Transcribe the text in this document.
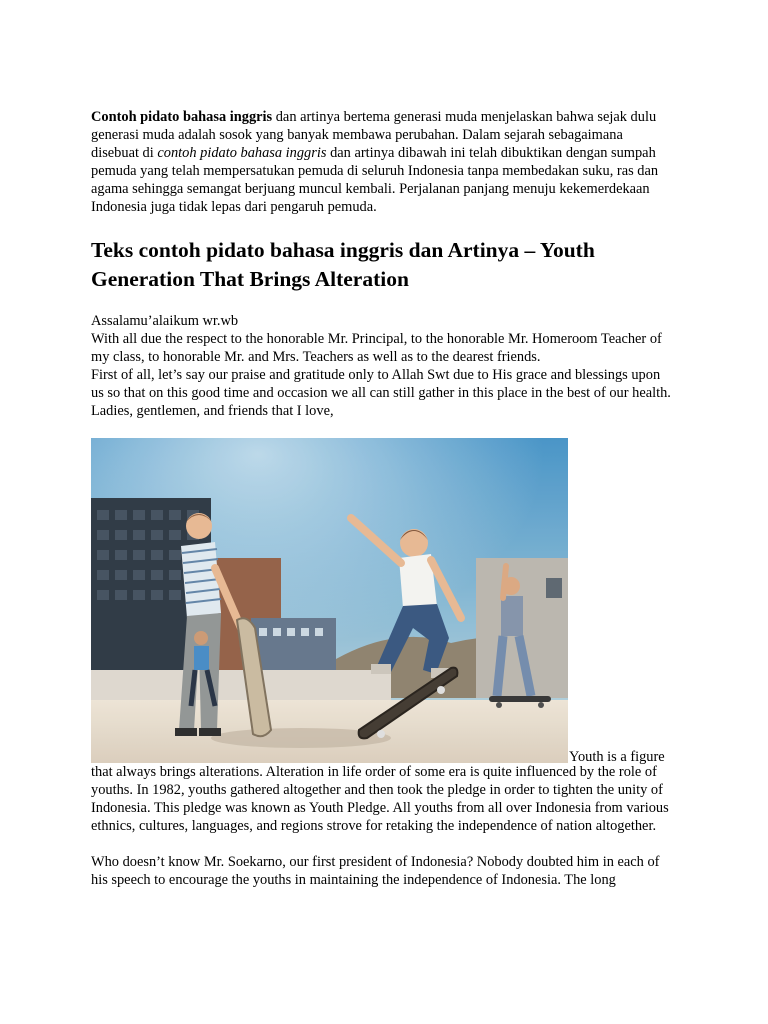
Contoh pidato bahasa inggris dan artinya bertema generasi muda menjelaskan bahwa sejak dulu generasi muda adalah sosok yang banyak membawa perubahan. Dalam sejarah sebagaimana disebuat di contoh pidato bahasa inggris dan artinya dibawah ini telah dibuktikan dengan sumpah pemuda yang telah mempersatukan pemuda di seluruh Indonesia tanpa membedakan suku, ras dan agama sehingga semangat berjuang muncul kembali. Perjalanan panjang menuju kekemerdekaan Indonesia juga tidak lepas dari pengaruh pemuda.

Teks contoh pidato bahasa inggris dan Artinya – Youth Generation That Brings Alteration

Assalamu’alaikum wr.wb

With all due the respect to the honorable Mr. Principal, to the honorable Mr. Homeroom Teacher of my class, to honorable Mr. and Mrs. Teachers as well as to the dearest friends.

First of all, let’s say our praise and gratitude only to Allah Swt due to His grace and blessings upon us so that on this good time and occasion we all can still gather in this place in the best of our health.

Ladies, gentlemen, and friends that I love,

Youth is a figure

that always brings alterations. Alteration in life order of some era is quite influenced by the role of youths. In 1982, youths gathered altogether and then took the pledge in order to tighten the unity of Indonesia. This pledge was known as Youth Pledge. All youths from all over Indonesia from various ethnics, cultures, languages, and regions strove for retaking the independence of nation altogether.

Who doesn’t know Mr. Soekarno, our first president of Indonesia? Nobody doubted him in each of his speech to encourage the youths in maintaining the independence of Indonesia. The long
